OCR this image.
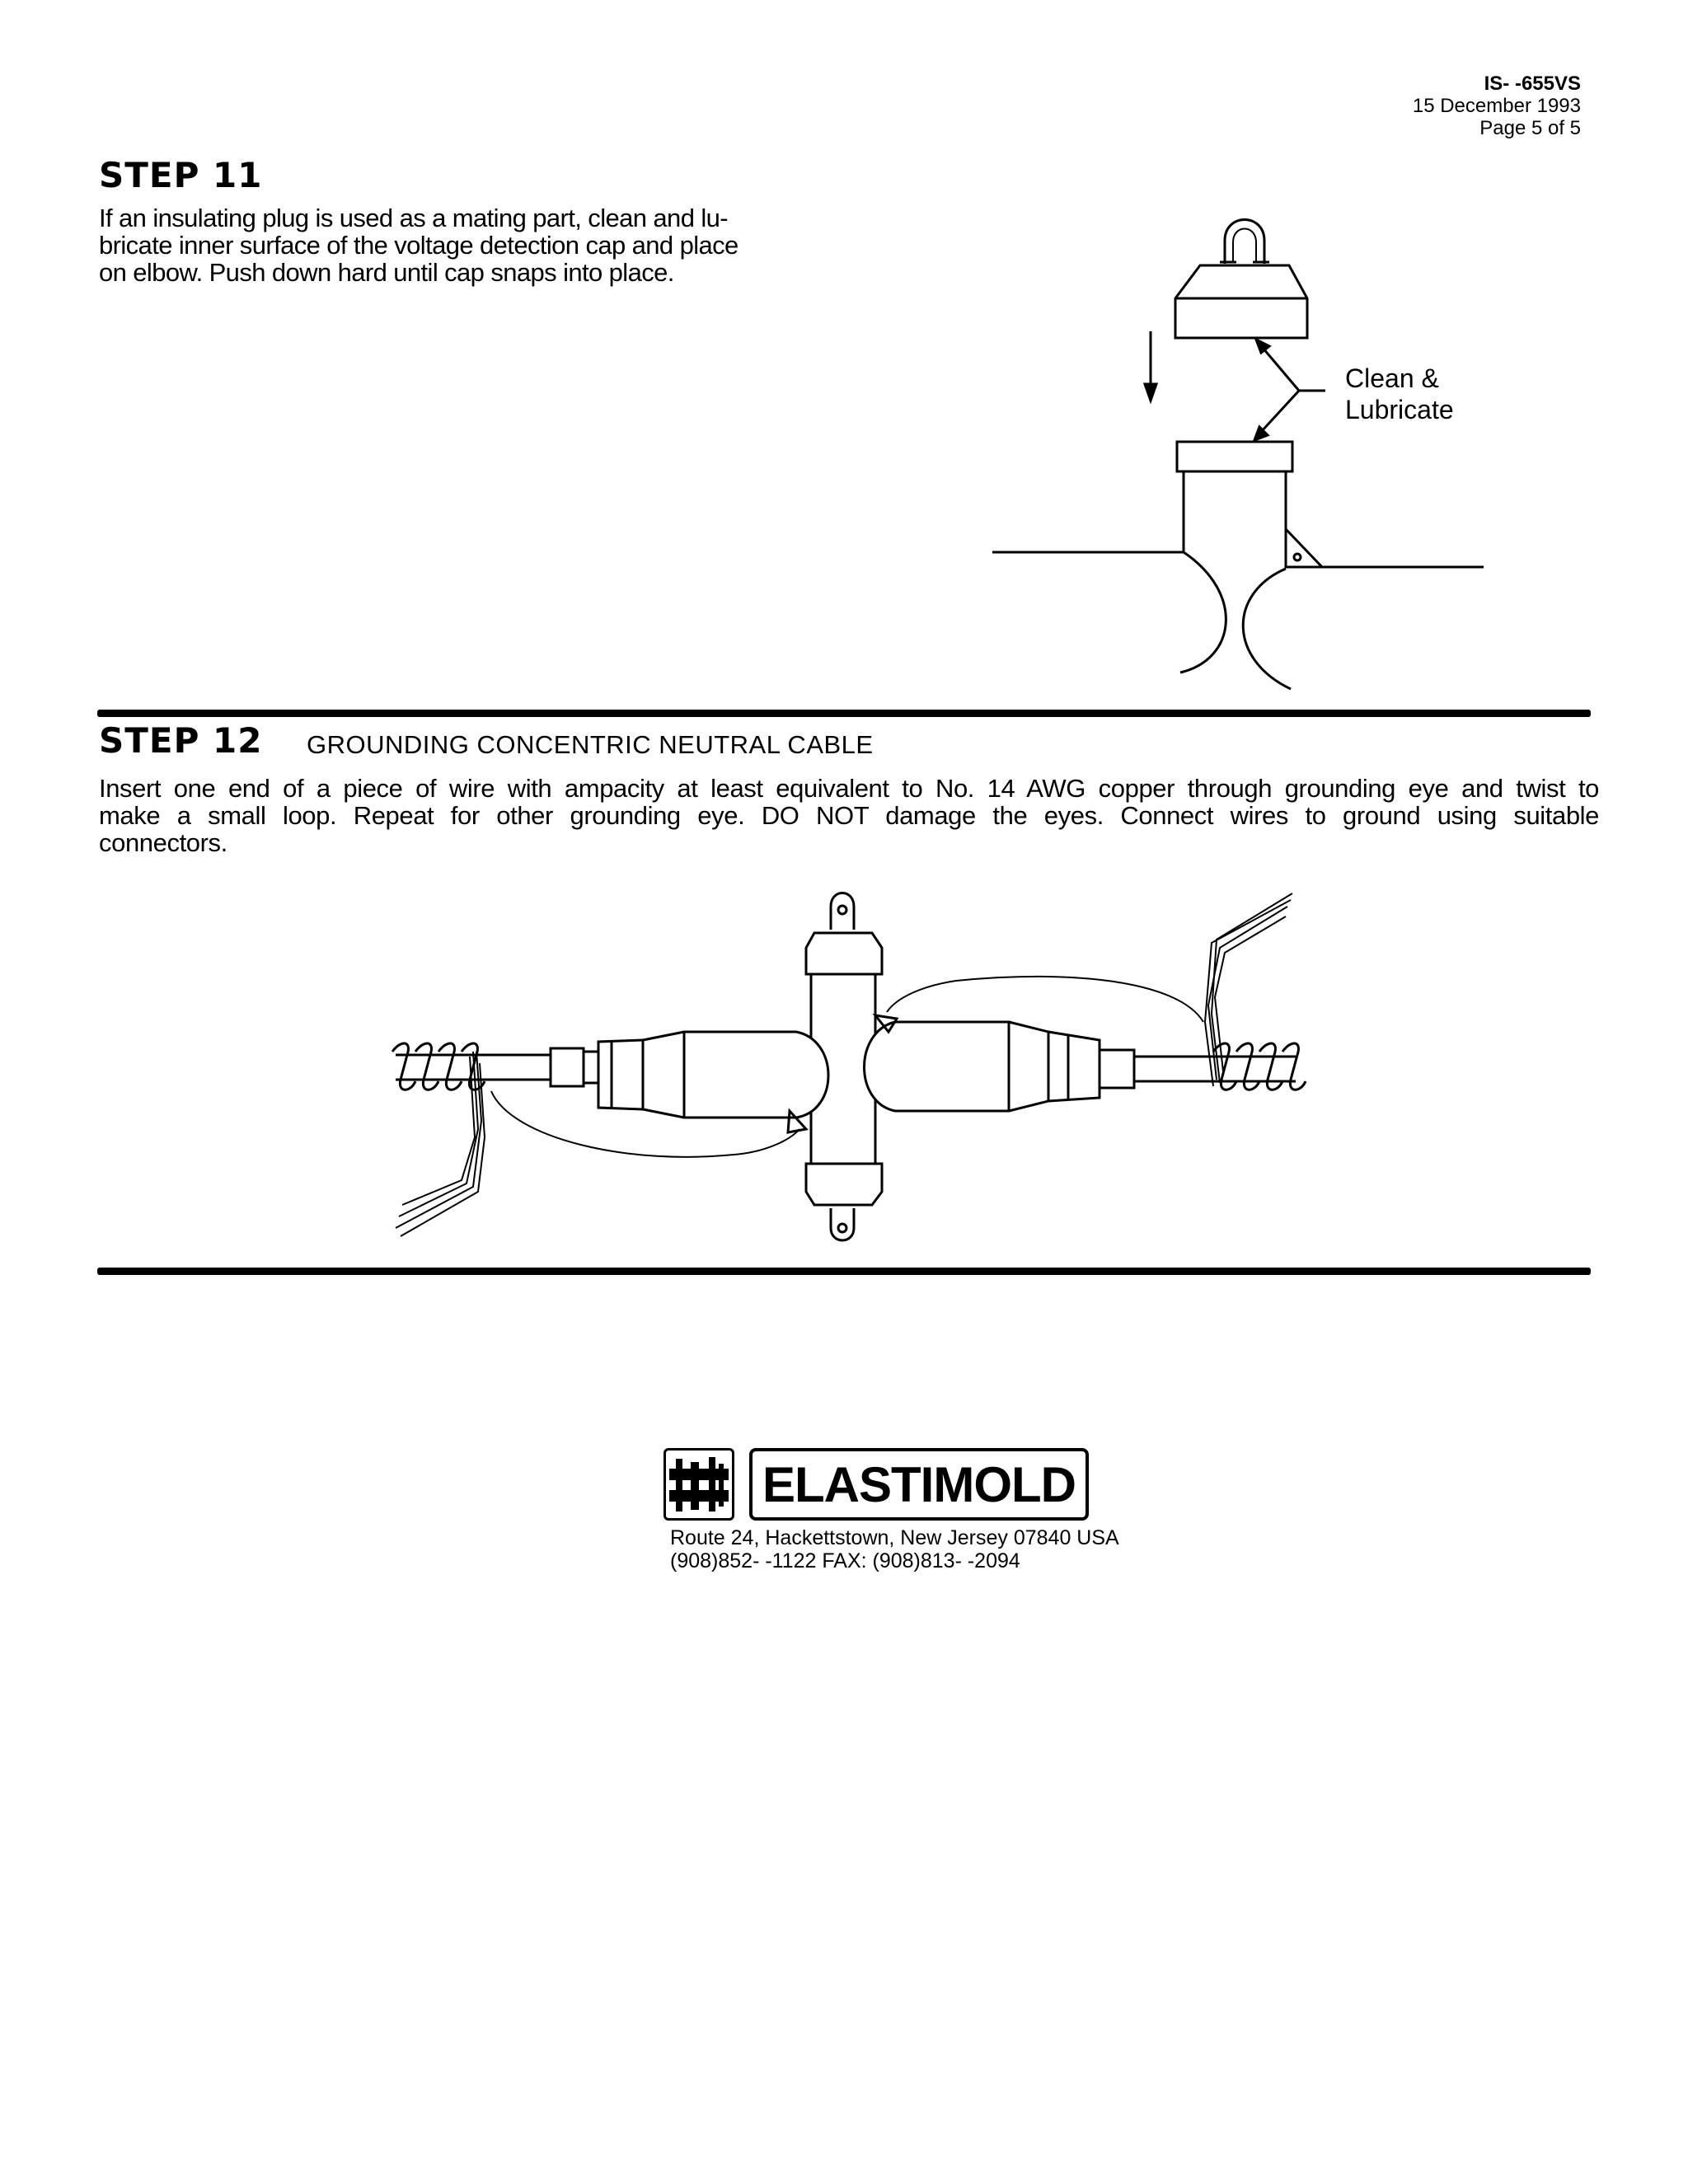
IS- -655VS
15 December 1993
Page 5 of 5
STEP 11
If an insulating plug is used as a mating part, clean and lu-
bricate inner surface of the voltage detection cap and place
on elbow. Push down hard until cap snaps into place.
Clean &
Lubricate
STEP 12 GROUNDING CONCENTRIC NEUTRAL CABLE
Insert one end of a piece of wire with ampacity at least equivalent to No. 14 AWG copper through grounding eye and twist to
make a small loop. Repeat for other grounding eye. DO NOT damage the eyes. Connect wires to ground using suitable
connectors.
ELASTIMOLD
Route 24, Hackettstown, New Jersey 07840 USA
(908)852- -1122 FAX: (908)813- -2094
